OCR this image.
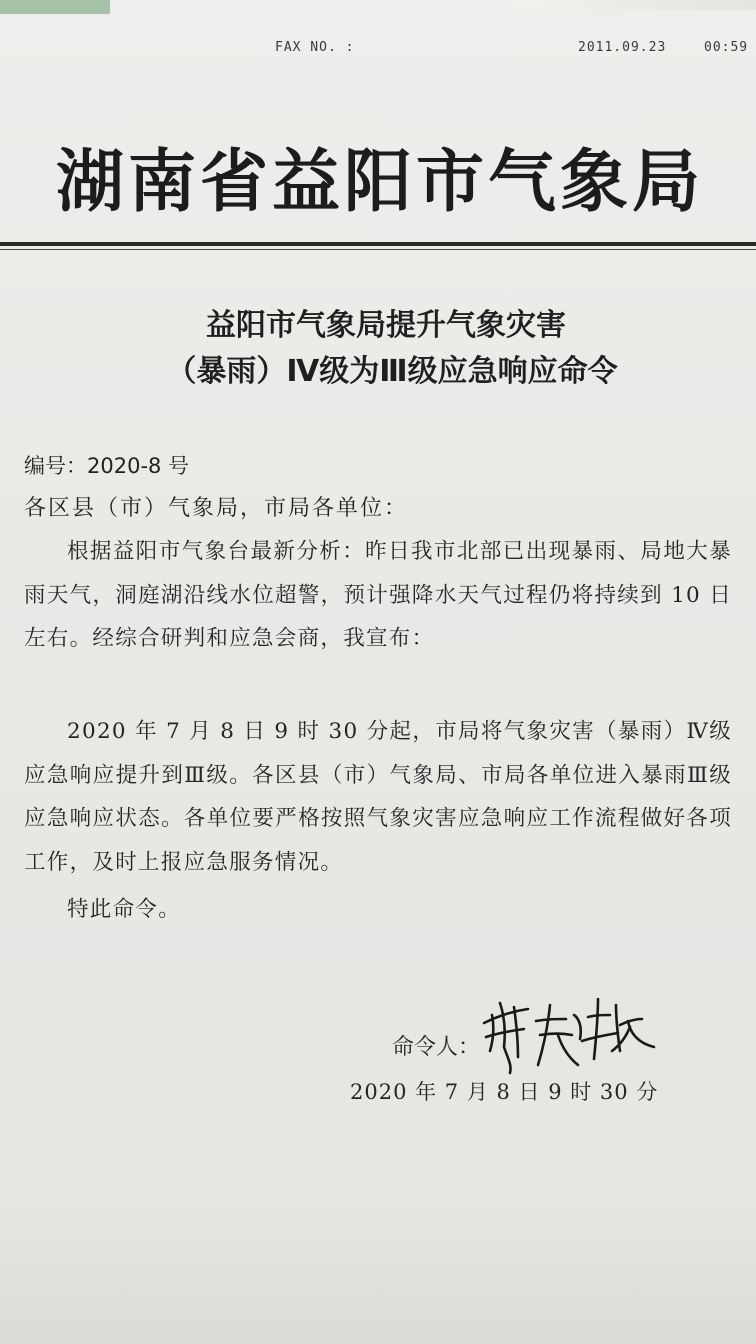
FAX NO. :	2011.09.23	00:59
湖南省益阳市气象局
益阳市气象局提升气象灾害
（暴雨）Ⅳ级为Ⅲ级应急响应命令
编号：2020-8 号
各区县（市）气象局，市局各单位：
根据益阳市气象台最新分析：昨日我市北部已出现暴雨、局地大暴雨天气，洞庭湖沿线水位超警，预计强降水天气过程仍将持续到 10 日左右。经综合研判和应急会商，我宣布：
2020 年 7 月 8 日 9 时 30 分起，市局将气象灾害（暴雨）Ⅳ级应急响应提升到Ⅲ级。各区县（市）气象局、市局各单位进入暴雨Ⅲ级应急响应状态。各单位要严格按照气象灾害应急响应工作流程做好各项工作，及时上报应急服务情况。
特此命令。
命令人：
2020 年 7 月 8 日 9 时 30 分
